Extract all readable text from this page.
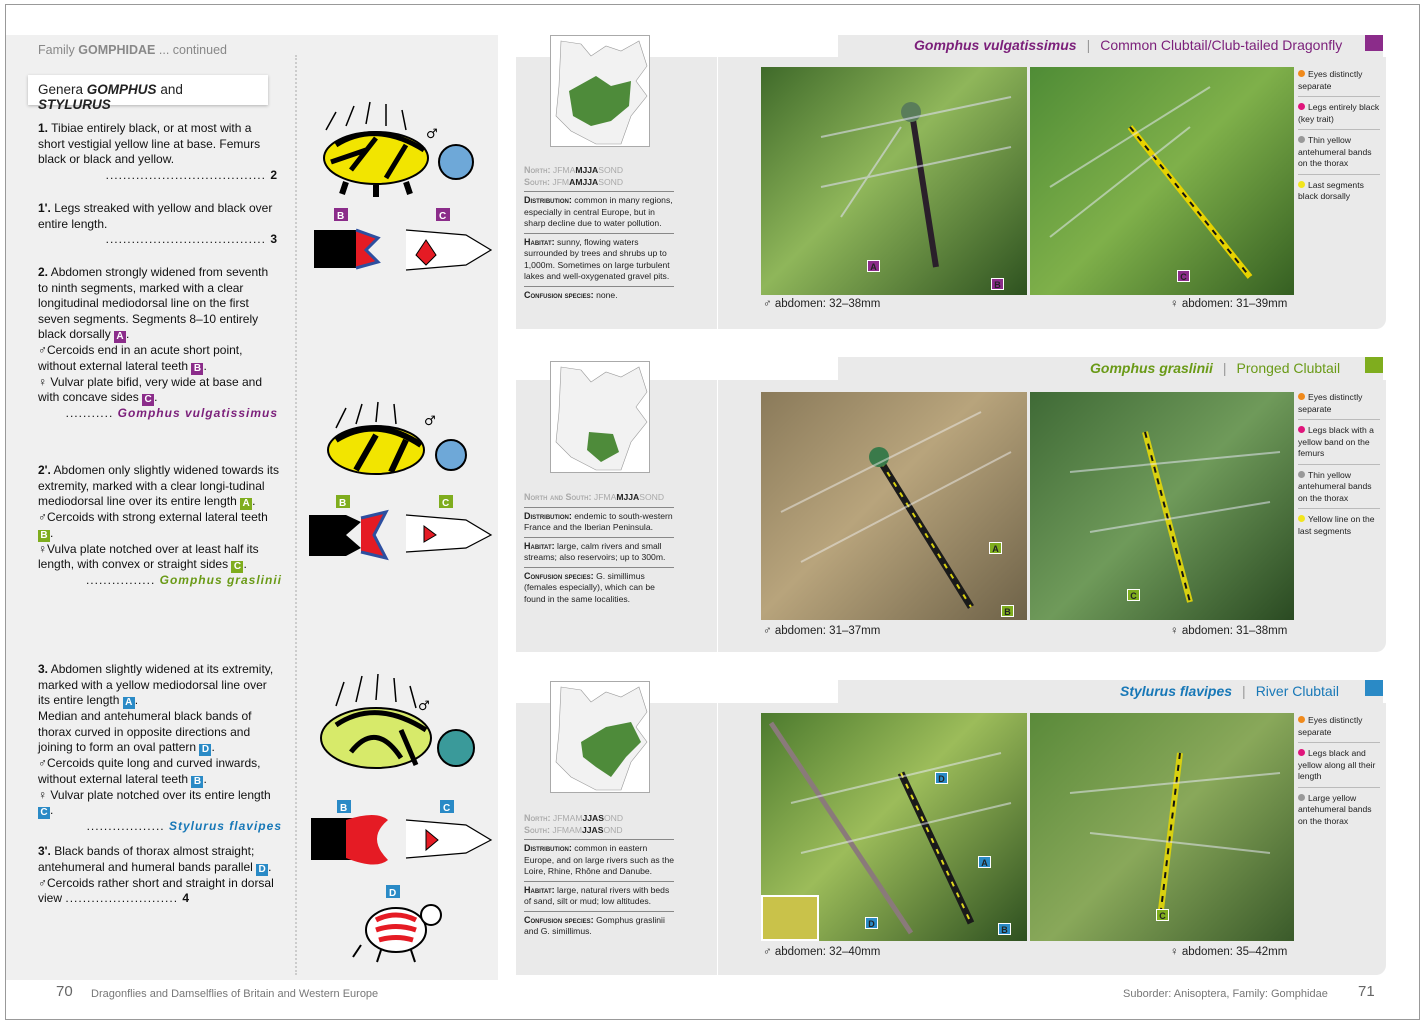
Family GOMPHIDAE ... continued
Genera GOMPHUS and STYLURUS
1. Tibiae entirely black, or at most with a short vestigial yellow line at base. Femurs black or black and yellow.
..................................... 2
1'. Legs streaked with yellow and black over entire length.
..................................... 3
2. Abdomen strongly widened from seventh to ninth segments, marked with a clear longitudinal mediodorsal line on the first seven segments. Segments 8–10 entirely black dorsally A .
♂Cercoids end in an acute short point, without external lateral teeth B .
♀ Vulvar plate bifid, very wide at base and with concave sides C .
........... Gomphus vulgatissimus
2'. Abdomen only slightly widened towards its extremity, marked with a clear longi-tudinal mediodorsal line over its entire length A .
♂Cercoids with strong external lateral teeth B .
♀Vulva plate notched over at least half its length, with convex or straight sides C .
................ Gomphus graslinii
3. Abdomen slightly widened at its extremity, marked with a yellow mediodorsal line over its entire length A .
Median and antehumeral black bands of thorax curved in opposite directions and joining to form an oval pattern D .
♂Cercoids quite long and curved inwards, without external lateral teeth B .
♀ Vulvar plate notched over its entire length C .
.................. Stylurus flavipes
3'. Black bands of thorax almost straight; antehumeral and humeral bands parallel D .
♂Cercoids rather short and straight in dorsal view .......................... 4
♂
B	C
♂
B	C
♂
B	C
D
70 Dragonflies and Damselflies of Britain and Western Europe
Gomphus vulgatissimus | Common Clubtail/Club-tailed Dragonfly
North: JFMAMJJASOND
South: JFMAMJJASOND
Distribution: common in many regions, especially in central Europe, but in sharp decline due to water pollution.
Habitat: sunny, flowing waters surrounded by trees and shrubs up to 1,000m. Sometimes on large turbulent lakes and well-oxygenated gravel pits.
Confusion species: none.
A
B
C
♂ abdomen: 32–38mm	♀ abdomen: 31–39mm
Eyes distinctly separate
Legs entirely black (key trait)
Thin yellow antehumeral bands on the thorax
Last segments black dorsally
Gomphus graslinii | Pronged Clubtail
North and South: JFMAMJJASOND
Distribution: endemic to south-western France and the Iberian Peninsula.
Habitat: large, calm rivers and small streams; also reservoirs; up to 300m.
Confusion species: G. simillimus (females especially), which can be found in the same localities.
A
B
C
♂ abdomen: 31–37mm	♀ abdomen: 31–38mm
Eyes distinctly separate
Legs black with a yellow band on the femurs
Thin yellow antehumeral bands on the thorax
Yellow line on the last segments
Stylurus flavipes | River Clubtail
North: JFMAMJJASOND
South: JFMAMJJASOND
Distribution: common in eastern Europe, and on large rivers such as the Loire, Rhine, Rhône and Danube.
Habitat: large, natural rivers with beds of sand, silt or mud; low altitudes.
Confusion species: Gomphus graslinii and G. simillimus.
D
A
D
B
C
♂ abdomen: 32–40mm	♀ abdomen: 35–42mm
Eyes distinctly separate
Legs black and yellow along all their length
Large yellow antehumeral bands on the thorax
Suborder: Anisoptera, Family: Gomphidae 71
